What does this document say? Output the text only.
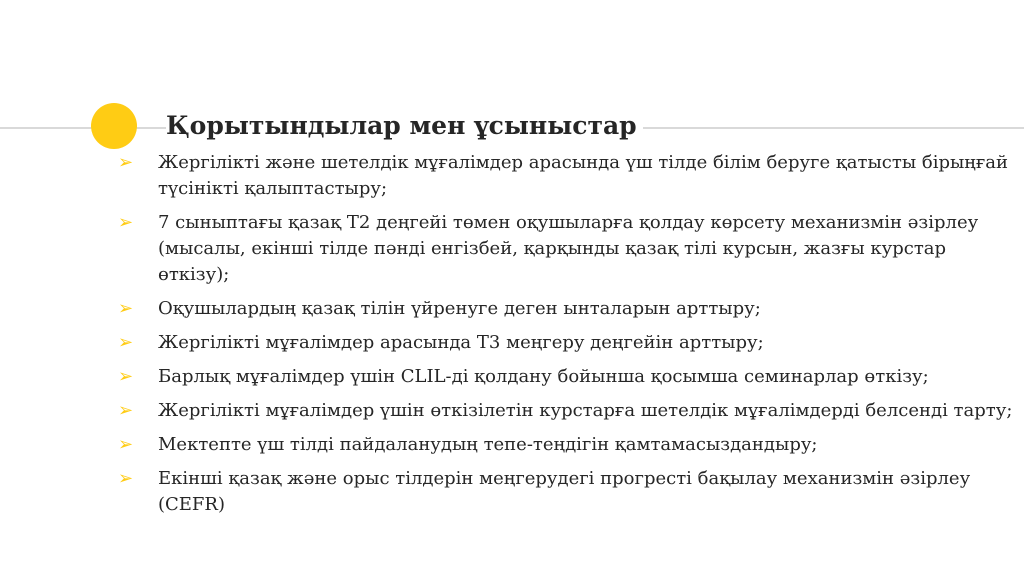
Қорытындылар мен ұсыныстар
➢ Жергілікті және шетелдік мұғалімдер арасында үш тілде білім беруге қатысты бірыңғай түсінікті қалыптастыру;
➢ 7 сыныптағы қазақ Т2 деңгейі төмен оқушыларға қолдау көрсету механизмін әзірлеу (мысалы, екінші тілде пәнді енгізбей, қарқынды қазақ тілі курсын, жазғы курстар өткізу);
➢ Оқушылардың қазақ тілін үйренуге деген ынталарын арттыру;
➢ Жергілікті мұғалімдер арасында Т3 меңгеру деңгейін арттыру;
➢ Барлық мұғалімдер үшін CLIL-ді қолдану бойынша қосымша семинарлар өткізу;
➢ Жергілікті мұғалімдер үшін өткізілетін курстарға шетелдік мұғалімдерді белсенді тарту;
➢ Мектепте үш тілді пайдаланудың тепе-теңдігін қамтамасыздандыру;
➢ Екінші қазақ және орыс тілдерін меңгерудегі прогресті бақылау механизмін әзірлеу (CEFR)
